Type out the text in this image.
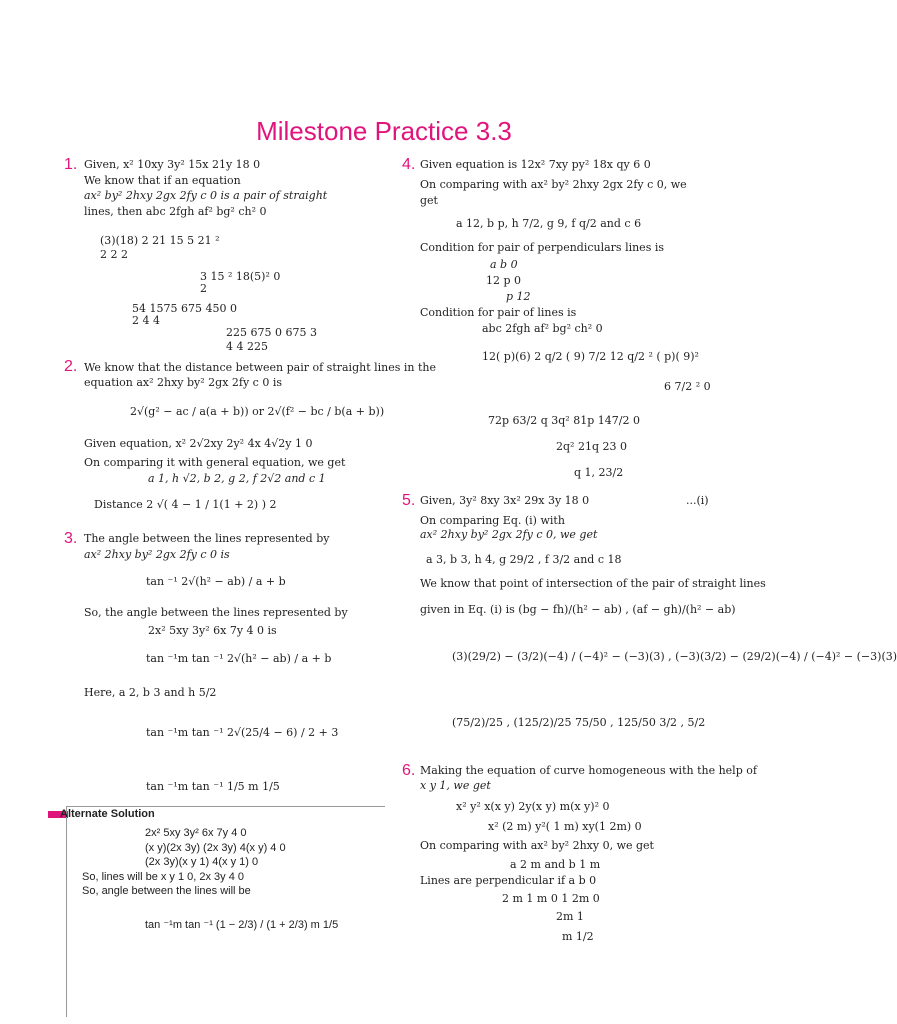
Milestone Practice 3.3
1. Given, x² 10xy 3y² 15x 21y 18 0
We know that if an equation
ax² by² 2hxy 2gx 2fy c 0 is a pair of straight
lines, then abc 2fgh af² bg² ch² 0
(3)(18) 2 21 15 5 21 ²
2 2 2
3 15 ² 18(5)² 0
2
54 1575 675 450 0
2 4 4
225 675 0 675 3
4 4 225
2. We know that the distance between pair of straight lines in the
equation ax² 2hxy by² 2gx 2fy c 0 is
2√(g² − ac / a(a + b)) or 2√(f² − bc / b(a + b))
Given equation, x² 2√2xy 2y² 4x 4√2y 1 0
On comparing it with general equation, we get
a 1, h √2, b 2, g 2, f 2√2 and c 1
Distance 2 √( 4 − 1 / 1(1 + 2) ) 2
3. The angle between the lines represented by
ax² 2hxy by² 2gx 2fy c 0 is
tan ⁻¹ 2√(h² − ab) / a + b
So, the angle between the lines represented by
2x² 5xy 3y² 6x 7y 4 0 is
tan ⁻¹m tan ⁻¹ 2√(h² − ab) / a + b
Here, a 2, b 3 and h 5/2
tan ⁻¹m tan ⁻¹ 2√(25/4 − 6) / 2 + 3
tan ⁻¹m tan ⁻¹ 1/5 m 1/5
Alternate Solution
2x² 5xy 3y² 6x 7y 4 0
(x y)(2x 3y) (2x 3y) 4(x y) 4 0
(2x 3y)(x y 1) 4(x y 1) 0
So, lines will be x y 1 0, 2x 3y 4 0
So, angle between the lines will be
tan ⁻¹m tan ⁻¹ (1 − 2/3) / (1 + 2/3) m 1/5
4. Given equation is 12x² 7xy py² 18x qy 6 0
On comparing with ax² by² 2hxy 2gx 2fy c 0, we
get
a 12, b p, h 7/2, g 9, f q/2 and c 6
Condition for pair of perpendiculars lines is
a b 0
12 p 0
p 12
Condition for pair of lines is
abc 2fgh af² bg² ch² 0
12( p)(6) 2 q/2 ( 9) 7/2 12 q/2 ² ( p)( 9)²
6 7/2 ² 0
72p 63/2 q 3q² 81p 147/2 0
2q² 21q 23 0
q 1, 23/2
5. Given, 3y² 8xy 3x² 29x 3y 18 0	...(i)
On comparing Eq. (i) with
ax² 2hxy by² 2gx 2fy c 0, we get
a 3, b 3, h 4, g 29/2 , f 3/2 and c 18
We know that point of intersection of the pair of straight lines
given in Eq. (i) is (bg − fh)/(h² − ab) , (af − gh)/(h² − ab)
(3)(29/2) − (3/2)(−4) / (−4)² − (−3)(3) , (−3)(3/2) − (29/2)(−4) / (−4)² − (−3)(3)
(75/2)/25 , (125/2)/25 75/50 , 125/50 3/2 , 5/2
6. Making the equation of curve homogeneous with the help of
x y 1, we get
x² y² x(x y) 2y(x y) m(x y)² 0
x² (2 m) y²( 1 m) xy(1 2m) 0
On comparing with ax² by² 2hxy 0, we get
a 2 m and b 1 m
Lines are perpendicular if a b 0
2 m 1 m 0 1 2m 0
2m 1
m 1/2
